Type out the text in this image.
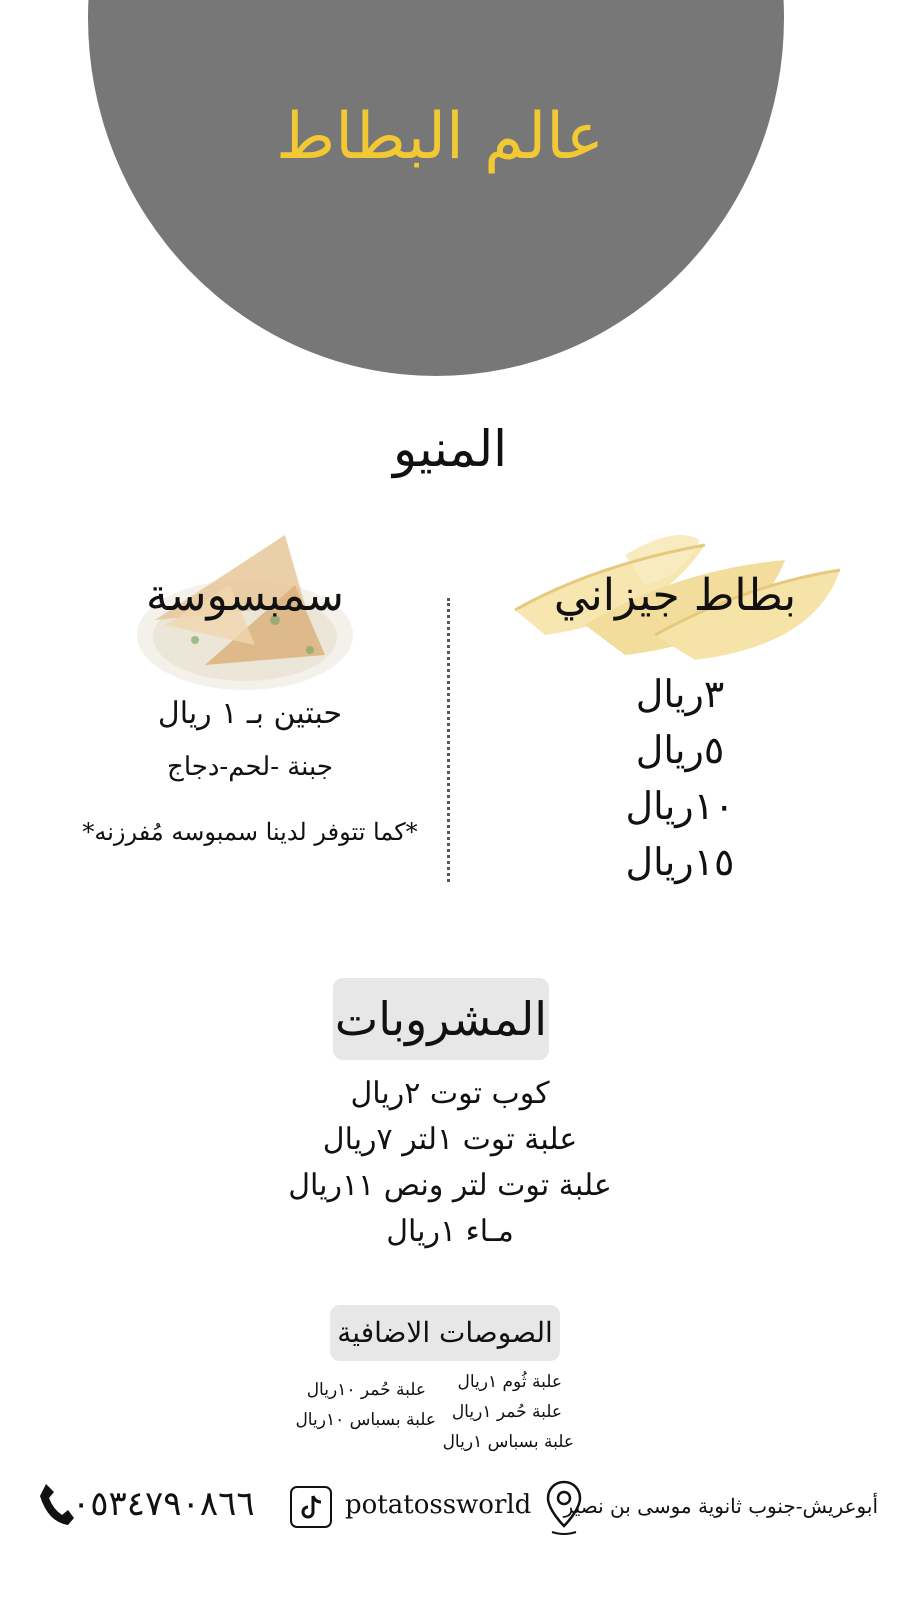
عالم البطاط
المنيو
سمبسوسة	بطاط جيزاني
٣ريال
٥ريال
١٠ريال
١٥ريال
حبتين بـ ١ ريال
جبنة -لحم-دجاج
*كما تتوفر لدينا سمبوسه مُفرزنه*
المشروبات
كوب توت ٢ريال
علبة توت ١لتر ٧ريال
علبة توت لتر ونص ١١ريال
مـاء ١ريال
الصوصات الاضافية
علبة ثُوم ١ريال
علبة حُمر ١ريال
علبة بسباس ١ريال
علبة حُمر ١٠ريال
علبة بسباس ١٠ريال
٠٥٣٤٧٩٠٨٦٦	potatossworld أبوعريش-جنوب ثانوية موسى بن نصير
